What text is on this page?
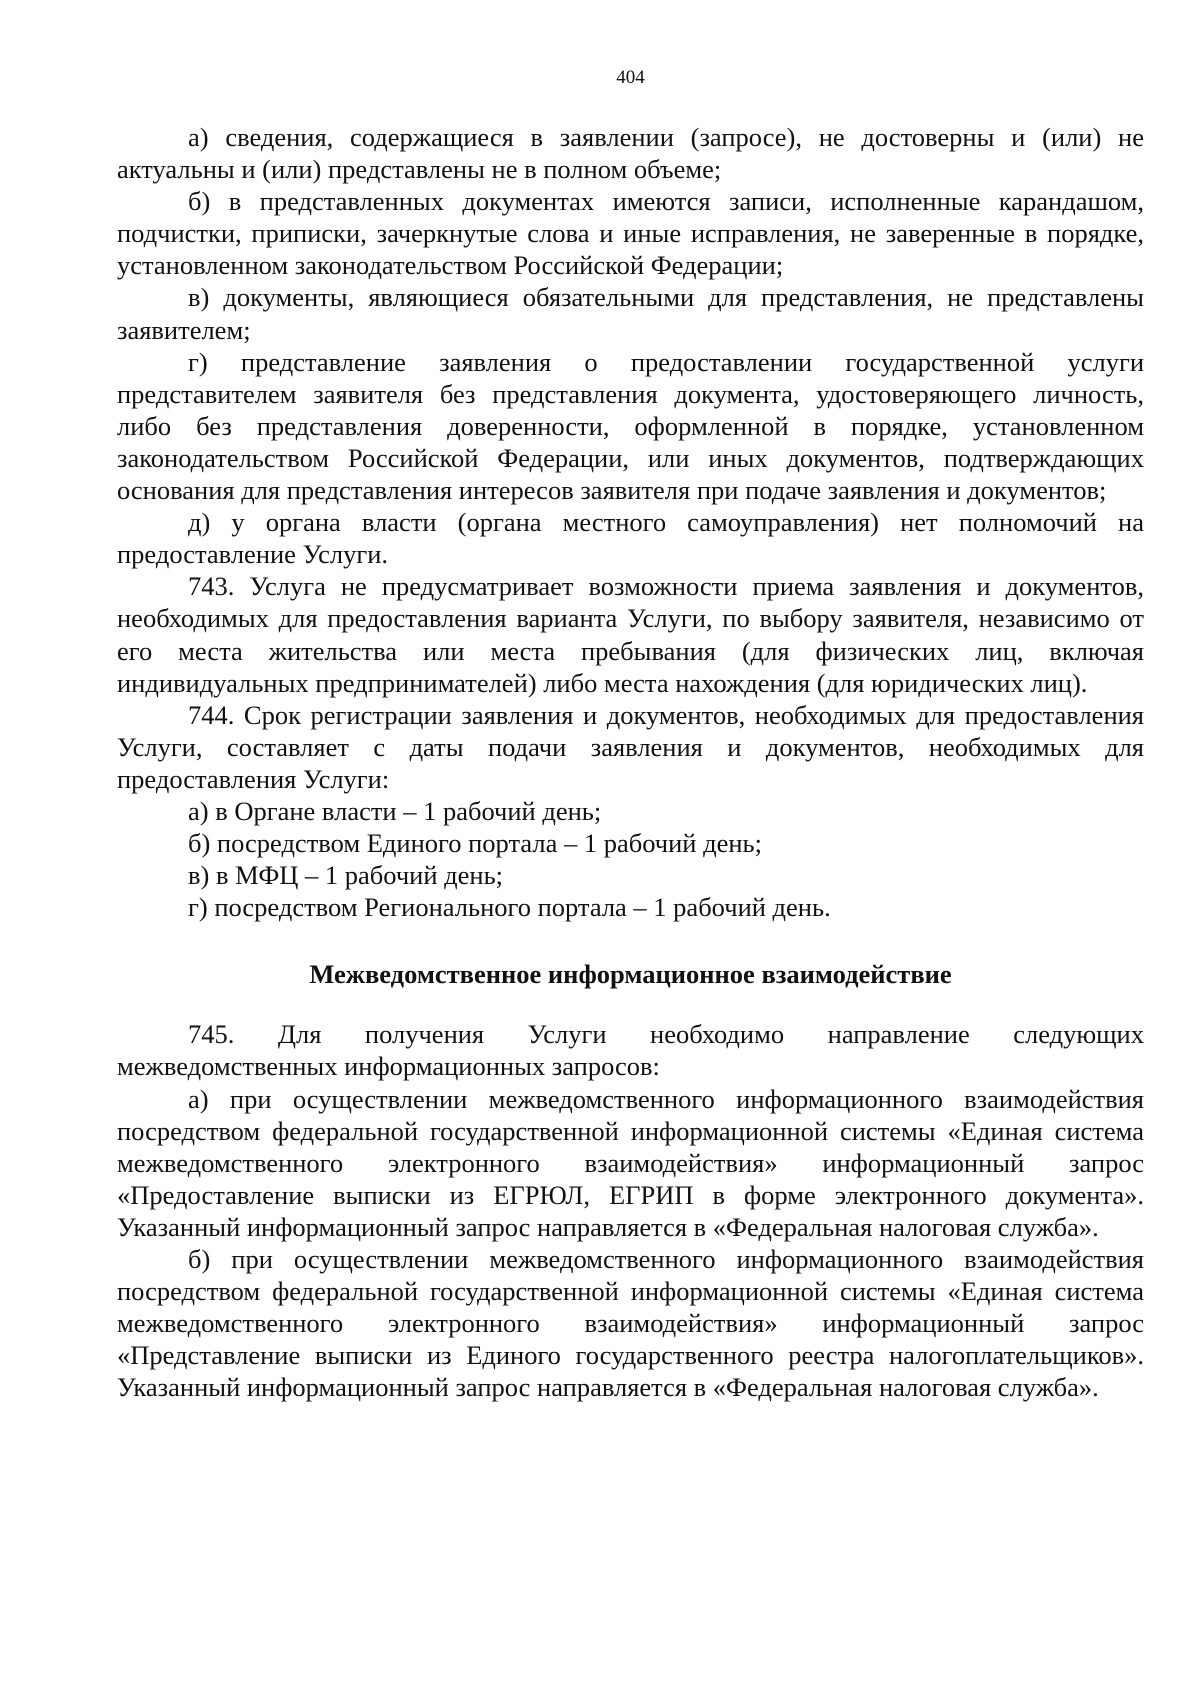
404

а) сведения, содержащиеся в заявлении (запросе), не достоверны и (или) не актуальны и (или) представлены не в полном объеме;

б) в представленных документах имеются записи, исполненные карандашом, подчистки, приписки, зачеркнутые слова и иные исправления, не заверенные в порядке, установленном законодательством Российской Федерации;

в) документы, являющиеся обязательными для представления, не представлены заявителем;

г) представление заявления о предоставлении государственной услуги представителем заявителя без представления документа, удостоверяющего личность, либо без представления доверенности, оформленной в порядке, установленном законодательством Российской Федерации, или иных документов, подтверждающих основания для представления интересов заявителя при подаче заявления и документов;

д) у органа власти (органа местного самоуправления) нет полномочий на предоставление Услуги.

743. Услуга не предусматривает возможности приема заявления и документов, необходимых для предоставления варианта Услуги, по выбору заявителя, независимо от его места жительства или места пребывания (для физических лиц, включая индивидуальных предпринимателей) либо места нахождения (для юридических лиц).

744. Срок регистрации заявления и документов, необходимых для предоставления Услуги, составляет с даты подачи заявления и документов, необходимых для предоставления Услуги:

а) в Органе власти – 1 рабочий день;

б) посредством Единого портала – 1 рабочий день;

в) в МФЦ – 1 рабочий день;

г) посредством Регионального портала – 1 рабочий день.

Межведомственное информационное взаимодействие

745. Для получения Услуги необходимо направление следующих межведомственных информационных запросов:

а) при осуществлении межведомственного информационного взаимодействия посредством федеральной государственной информационной системы «Единая система межведомственного электронного взаимодействия» информационный запрос «Предоставление выписки из ЕГРЮЛ, ЕГРИП в форме электронного документа». Указанный информационный запрос направляется в «Федеральная налоговая служба».

б) при осуществлении межведомственного информационного взаимодействия посредством федеральной государственной информационной системы «Единая система межведомственного электронного взаимодействия» информационный запрос «Представление выписки из Единого государственного реестра налогоплательщиков». Указанный информационный запрос направляется в «Федеральная налоговая служба».
